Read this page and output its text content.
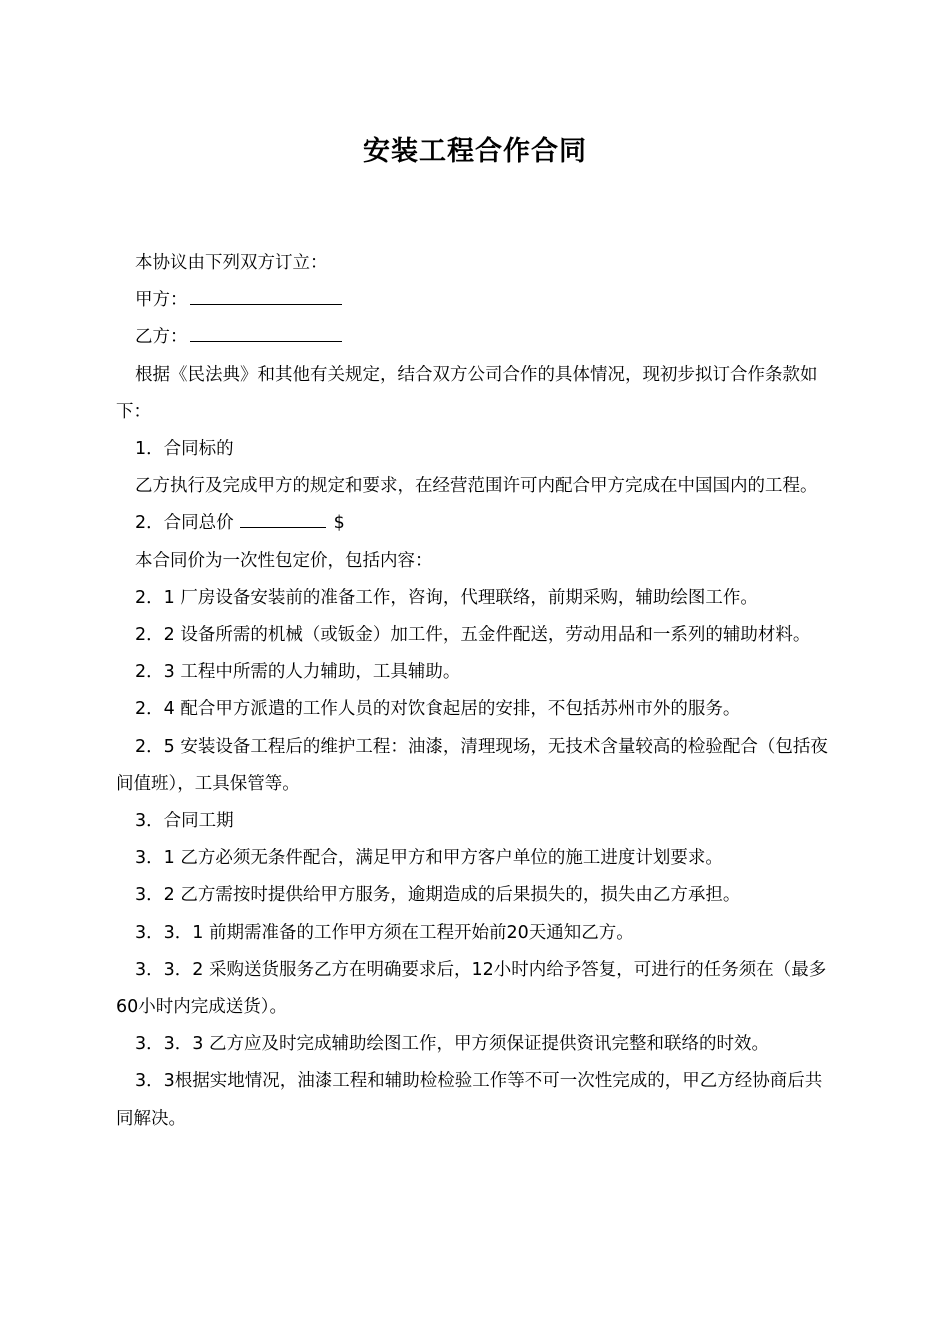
安装工程合作合同

本协议由下列双方订立：

甲方：

乙方：

根据《民法典》和其他有关规定，结合双方公司合作的具体情况，现初步拟订合作条款如下：

1．合同标的

乙方执行及完成甲方的规定和要求，在经营范围许可内配合甲方完成在中国国内的工程。

2．合同总价	$

本合同价为一次性包定价，包括内容：

2．1 厂房设备安装前的准备工作，咨询，代理联络，前期采购，辅助绘图工作。

2．2 设备所需的机械（或钣金）加工件，五金件配送，劳动用品和一系列的辅助材料。

2．3 工程中所需的人力辅助，工具辅助。

2．4 配合甲方派遣的工作人员的对饮食起居的安排，不包括苏州市外的服务。

2．5 安装设备工程后的维护工程：油漆，清理现场，无技术含量较高的检验配合（包括夜间值班），工具保管等。

3．合同工期

3．1 乙方必须无条件配合，满足甲方和甲方客户单位的施工进度计划要求。

3．2 乙方需按时提供给甲方服务，逾期造成的后果损失的，损失由乙方承担。

3．3．1 前期需准备的工作甲方须在工程开始前20天通知乙方。

3．3．2 采购送货服务乙方在明确要求后，12小时内给予答复，可进行的任务须在（最多60小时内完成送货）。

3．3．3 乙方应及时完成辅助绘图工作，甲方须保证提供资讯完整和联络的时效。

3．3根据实地情况，油漆工程和辅助检检验工作等不可一次性完成的，甲乙方经协商后共同解决。
